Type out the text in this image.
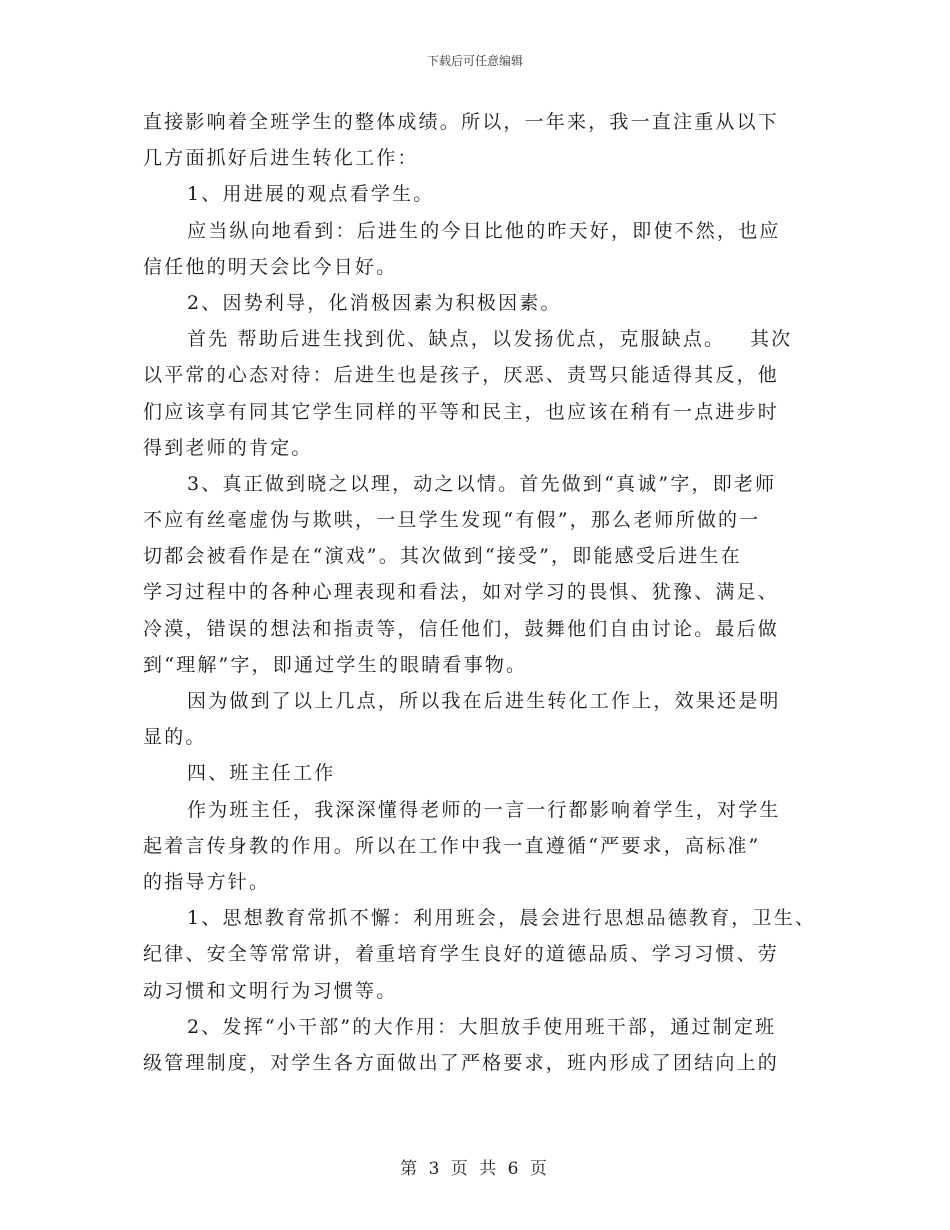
下载后可任意编辑
直接影响着全班学生的整体成绩。所以，一年来，我一直注重从以下
几方面抓好后进生转化工作：
1、用进展的观点看学生。
应当纵向地看到：后进生的今日比他的昨天好，即使不然，也应
信任他的明天会比今日好。
2、因势利导，化消极因素为积极因素。
首先 帮助后进生找到优、缺点，以发扬优点，克服缺点。   其次
以平常的心态对待：后进生也是孩子，厌恶、责骂只能适得其反，他
们应该享有同其它学生同样的平等和民主，也应该在稍有一点进步时
得到老师的肯定。
3、真正做到晓之以理，动之以情。首先做到“真诚”字，即老师
不应有丝毫虚伪与欺哄，一旦学生发现“有假”，那么老师所做的一
切都会被看作是在“演戏”。其次做到“接受”，即能感受后进生在
学习过程中的各种心理表现和看法，如对学习的畏惧、犹豫、满足、
冷漠，错误的想法和指责等，信任他们，鼓舞他们自由讨论。最后做
到“理解”字，即通过学生的眼睛看事物。
因为做到了以上几点，所以我在后进生转化工作上，效果还是明
显的。
四、班主任工作
作为班主任，我深深懂得老师的一言一行都影响着学生，对学生
起着言传身教的作用。所以在工作中我一直遵循“严要求，高标准”
的指导方针。
1、思想教育常抓不懈：利用班会，晨会进行思想品德教育，卫生、
纪律、安全等常常讲，着重培育学生良好的道德品质、学习习惯、劳
动习惯和文明行为习惯等。
2、发挥“小干部”的大作用：大胆放手使用班干部，通过制定班
级管理制度，对学生各方面做出了严格要求，班内形成了团结向上的
第 3 页 共 6 页
